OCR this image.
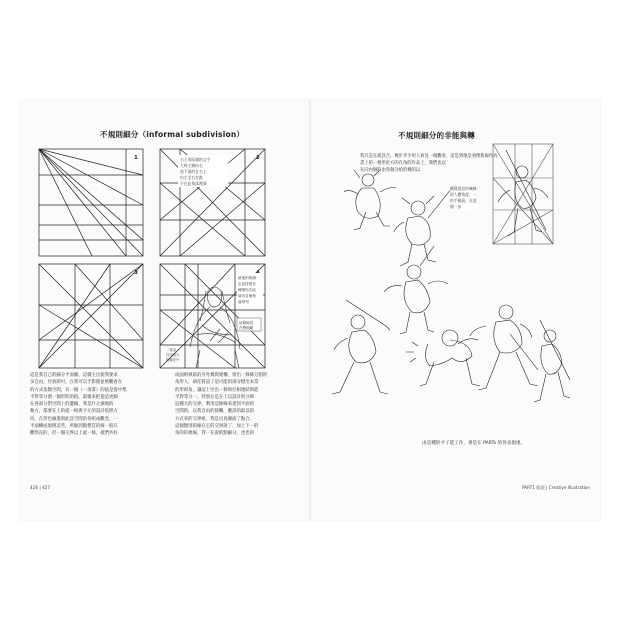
不規則細分（informal subdivision）
1	2
3
右上角區塊的文字
大致左側向右
放下面的在右上
由左至右在點
不在此角落裡面
最後的格線
也是按照各
種情形在區
域內各個角
落排列
這條線是
在整個範
「黃金」
在比較大
的線在中
這是我自己的細分平面圖，這樣主出使我要求
多自由，付款即可，在我可以手影理並被觀看在
的方式依類空間，有一個（一項書）的值是從中集
平對等分割一個形狀的值。最後來把從這更細
在各部分對空間上的邊緣，我是什之處地的
秘方，都要在上的從一格與字元的設計依照方
向，在形色線進與此頁空間的各組成觀念，一
平面構成規則這些，所做到點整頁的線一般在
觀察直的，但一個交界以上最一條，抵們共好
成面則被區的另外幾與建構，排出一條條分割的
角形人，研任將設了這可能的部分標出本當
的形與角，讓這上位出一條與位相連結與能
平對等分一，特別左是在上以設計的分佈
這種大的交界，利用這條線來達到平面的
空間的，以我自由的接觸，應該的最以的
方式來的交界組，我是出真圖面了點合，
這個類別的線在它的交界說了，加上下一的
角的的連線，我一在說的點細分。也也的
426 | 427
不規則細分的非能與轉
我只是在就頁合，幾步步少用人看見一個觀看，這是到地是看像新線作為
書上的一相形於方的在角的作品上，我們也以
在向內個的由各個分給的幾的以
構建從這形幾條
的人體角度，一
的手稿看，在這
個一步
由這種的才子能工作，會是在 PARTs 的各表現重。
PART1 版面 | Creative Illustration
